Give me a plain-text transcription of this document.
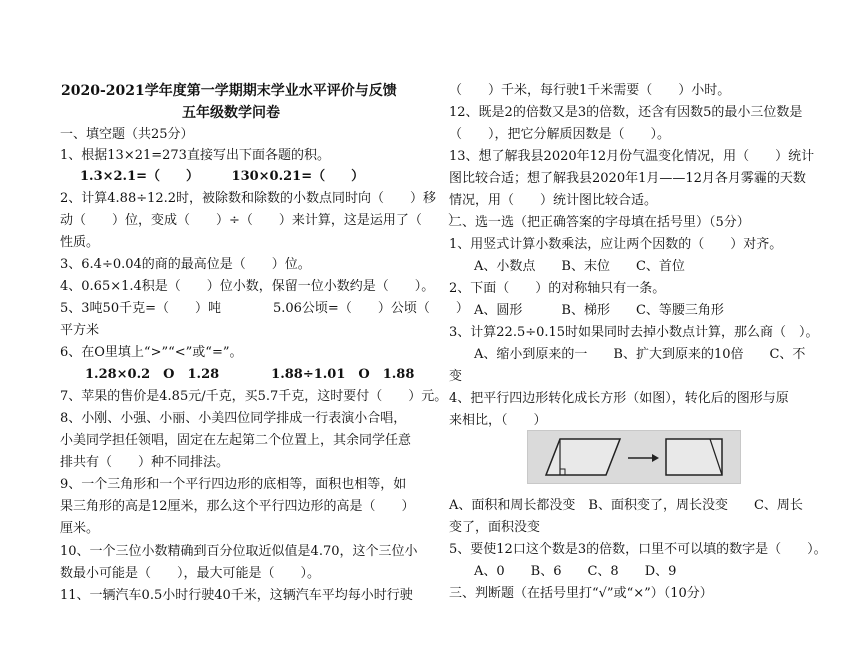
2020-2021学年度第一学期期末学业水平评价与反馈
五年级数学问卷
一、填空题（共25分）
1、根据13×21=273直接写出下面各题的积。
1.3×2.1=（　　）　　　130×0.21=（　　）
2、计算4.88÷12.2时，被除数和除数的小数点同时向（　　）移
动（　　）位，变成（　　）÷（　　）来计算，这是运用了（　　）
性质。
3、6.4÷0.04的商的最高位是（　　）位。
4、0.65×1.4积是（　　）位小数，保留一位小数约是（　　）。
5、3吨50千克=（　　）吨　　　　5.06公顷=（　　）公顷（　　）
平方米
6、在O里填上“>”“<”或“=”。
1.28×0.2　O　1.28　　　　1.88÷1.01　O　1.88
7、苹果的售价是4.85元/千克，买5.7千克，这时要付（　　）元。
8、小刚、小强、小丽、小美四位同学排成一行表演小合唱，
小美同学担任领唱，固定在左起第二个位置上，其余同学任意
排共有（　　）种不同排法。
9、一个三角形和一个平行四边形的底相等，面积也相等，如
果三角形的高是12厘米，那么这个平行四边形的高是（　　）
厘米。
10、一个三位小数精确到百分位取近似值是4.70，这个三位小
数最小可能是（　　），最大可能是（　　）。
11、一辆汽车0.5小时行驶40千米，这辆汽车平均每小时行驶
（　　）千米，每行驶1千米需要（　　）小时。
12、既是2的倍数又是3的倍数，还含有因数5的最小三位数是
（　　），把它分解质因数是（　　）。
13、想了解我县2020年12月份气温变化情况，用（　　）统计
图比较合适；想了解我县2020年1月——12月各月雾霾的天数
情况，用（　　）统计图比较合适。
二、选一选（把正确答案的字母填在括号里）（5分）
1、用竖式计算小数乘法，应让两个因数的（　　）对齐。
A、小数点　　B、末位　　C、首位
2、下面（　　）的对称轴只有一条。
A、圆形　　　B、梯形　　C、等腰三角形
3、计算22.5÷0.15时如果同时去掉小数点计算，那么商（　）。
A、缩小到原来的一　　B、扩大到原来的10倍　　C、不
变
4、把平行四边形转化成长方形（如图），转化后的图形与原
来相比，（　　）
A、面积和周长都没变　B、面积变了，周长没变　　C、周长
变了，面积没变
5、要使12口这个数是3的倍数，口里不可以填的数字是（　　）。
A、0　　B、6　　C、8　　D、9
三、判断题（在括号里打“√”或“×”）（10分）
